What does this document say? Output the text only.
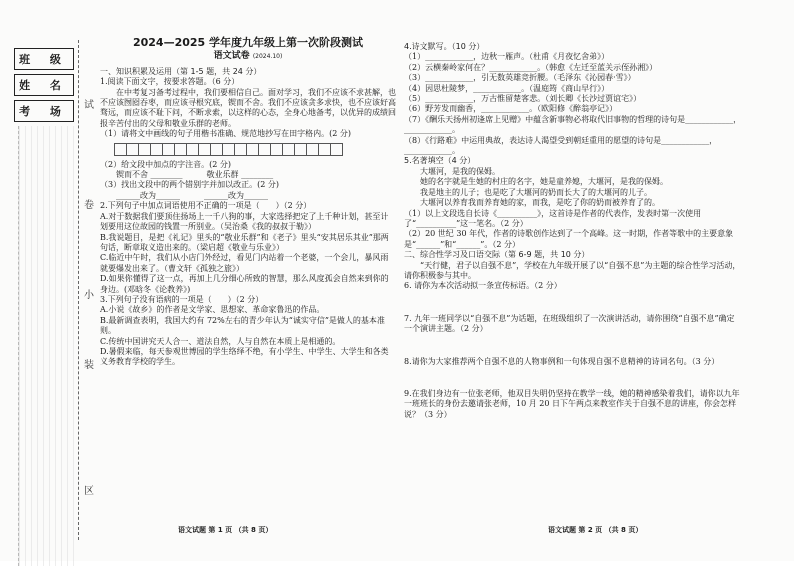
班 级
姓 名
考 场	试
卷
小
装
区
2024—2025 学年度九年级上第一次阶段测试
语文试卷 (2024.10)

一、知识积累及运用（第 1-5 题，共 24 分）

1.阅读下面文字，按要求答题。（6 分）

在中考复习备考过程中，我们要相信自己。面对学习，我们不应该不求甚解，也不应该囫囵吞枣，而应该寻根究底，锲而不舍。我们不应该贪多求快，也不应该好高骛远，而应该不耻下问，不断求索，以这样的心态，全身心地备考，以优异的成绩回报辛苦付出的父母和敬业乐群的老师。

（1）请将文中画线的句子用楷书准确、规范地抄写在田字格内。(2 分)

（2）给文段中加点的字注音。(2 分)

锲而不舍 ________　　　	敬业乐群 ________

（3）找出文段中的两个错别字并加以改正。(2 分)

______改为______　　　	______改为______

2.下列句子中加点词语使用不正确的一项是（　　）（2 分）

A.对于数据我们要顶住扬场上一千八狗的事，大家选择把定了上千种计划，甚至计划要用这位故园的钱置一所别业。（吴治桑《我的叔叔于勒》）

B.我说题目，是把《礼记》里头的“敬业乐群”和《老子》里头“安其居乐其业”那两句话，断章取义造出来的。（梁启超《敬业与乐业》）

C.临近中午时，我们从小店门外经过，看见门内站着一个老婆，一个会儿，暴风雨就要爆发出来了。（曹文轩《孤独之旅》）

D.如果你懂得了这一点，再加上几分细心所致的智慧，那么风度孤会自然来到你的身边。(邓晗冬《论教养》)

3.下列句子没有语病的一项是（　　）（2 分）

A.小说《故乡》的作者是文学家、思想家、革命家鲁迅的作品。

B.最新调查表明，我国大约有 72%左右的青少年认为“诚实守信”是做人的基本准则。

C.传统中国讲究天人合一、道法自然，人与自然在本质上是相通的。

D.暑假来临，每天参观世博园的学生络绎不绝，有小学生、中学生、大学生和各类义务教育学校的学生。

4.诗文默写。（10 分）

（1）____________，边秋一雁声。（杜甫《月夜忆舍弟》）

（2）云横秦岭家何在？____________。（韩愈《左迁至蓝关示侄孙湘》）

（3）____________，引无数英雄竞折腰。（毛泽东《沁园春·雪》）

（4）因思杜陵梦，____________。（温庭筠《商山早行》）

（5）____________，万古惟留楚客悲。（刘长卿《长沙过贾谊宅》）

（6）野芳发而幽香，____________。（欧阳修《醉翁亭记》）

（7）《酬乐天扬州初逢席上见赠》中蕴含新事物必将取代旧事物的哲理的诗句是____________，____________。

（8）《行路难》中运用典故，表达诗人渴望受到朝廷重用的愿望的诗句是____________，____________。

5.名著填空（4 分）

大堰河，是我的保姆。

她的名字就是生她的村庄的名字，她是童养媳，大堰河，是我的保姆。

我是地主的儿子；也是吃了大堰河的奶而长大了的大堰河的儿子。

大堰河以养育我而养育她的家，而我，是吃了你的奶而被养育了的。

（1）以上文段选自长诗《__________》，这首诗是作者的代表作，发表时第一次使用了“__________”这一笔名。（2 分）

（2）20 世纪 30 年代，作者的诗歌创作达到了一个高峰。这一时期，作者等歌中的主要意象是“______”和“______”。（2 分）

二、综合性学习及口语交际（第 6-9 题，共 10 分）

“天行健，君子以自强不息”，学校在九年级开展了以“自强不息”为主题的综合性学习活动，请你积极参与其中。

6. 请你为本次活动拟一条宣传标语。（2 分）

7. 九年一班同学以“自强不息”为话题，在班级组织了一次演讲活动，请你围绕“自强不息”确定一个演讲主题。（2 分）

8.请你为大家推荐两个自强不息的人物事例和一句体现自强不息精神的诗词名句。（3 分）

9.在我们身边有一位张老师，他双目失明仍坚持在教学一线，她的精神感染着我们，请你以九年一班班长的身份去邀请张老师，10 月 20 日下午两点来教室作关于自强不息的讲座，你会怎样说？（3 分）

语文试题 第 1 页 （共 8 页）	语文试题 第 2 页 （共 8 页）
